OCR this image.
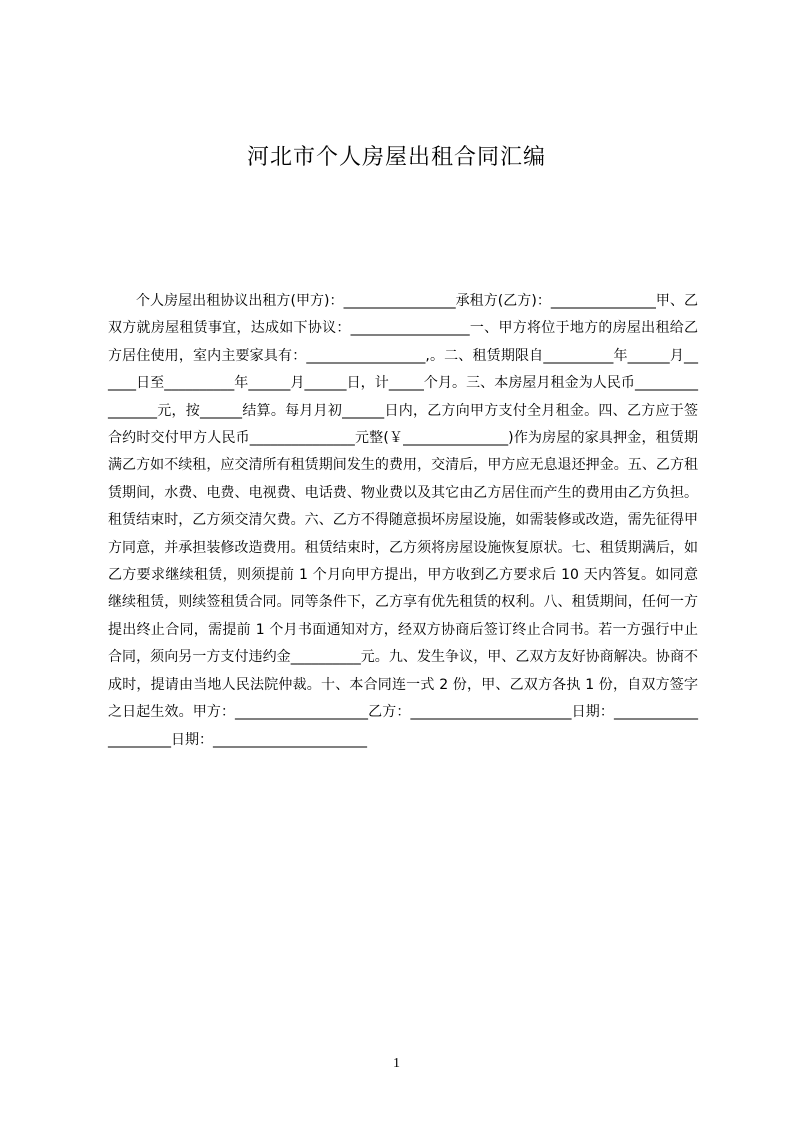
河北市个人房屋出租合同汇编
个人房屋出租协议出租方(甲方)：________________承租方(乙方)：_______________甲、乙双方就房屋租赁事宜，达成如下协议：_________________一、甲方将位于地方的房屋出租给乙方居住使用，室内主要家具有：_________________,。二、租赁期限自__________年______月______日至__________年______月______日，计_____个月。三、本房屋月租金为人民币________________元，按______结算。每月月初______日内，乙方向甲方支付全月租金。四、乙方应于签合约时交付甲方人民币_______________元整(￥_______________)作为房屋的家具押金，租赁期满乙方如不续租，应交清所有租赁期间发生的费用，交清后，甲方应无息退还押金。五、乙方租赁期间，水费、电费、电视费、电话费、物业费以及其它由乙方居住而产生的费用由乙方负担。租赁结束时，乙方须交清欠费。六、乙方不得随意损坏房屋设施，如需装修或改造，需先征得甲方同意，并承担装修改造费用。租赁结束时，乙方须将房屋设施恢复原状。七、租赁期满后，如乙方要求继续租赁，则须提前 1 个月向甲方提出，甲方收到乙方要求后 10 天内答复。如同意继续租赁，则续签租赁合同。同等条件下，乙方享有优先租赁的权利。八、租赁期间，任何一方提出终止合同，需提前 1 个月书面通知对方，经双方协商后签订终止合同书。若一方强行中止合同，须向另一方支付违约金__________元。九、发生争议，甲、乙双方友好协商解决。协商不成时，提请由当地人民法院仲裁。十、本合同连一式 2 份，甲、乙双方各执 1 份，自双方签字之日起生效。甲方：___________________乙方：_______________________日期：_____________________日期：______________________
1
